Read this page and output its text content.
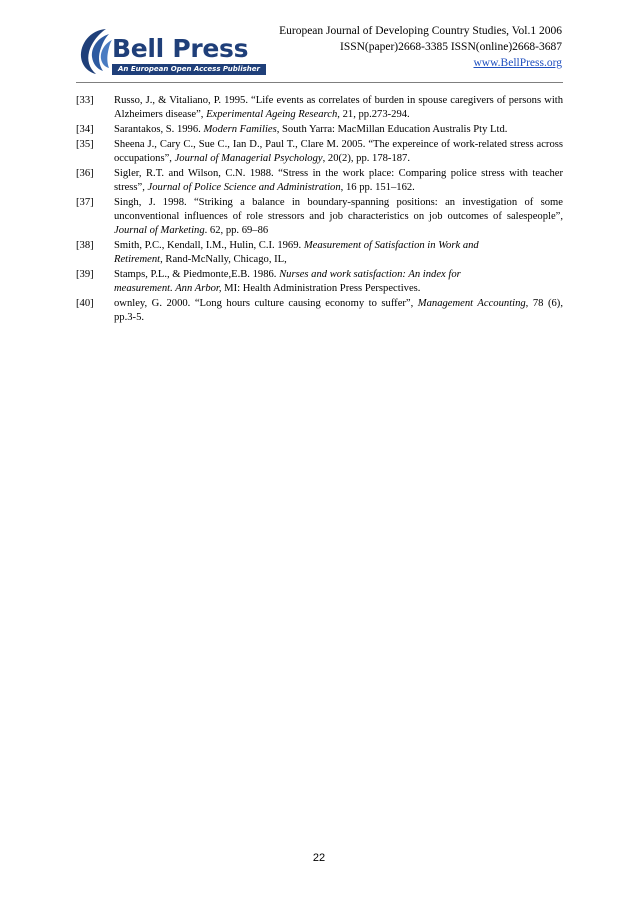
Bell Press
An European Open Access Publisher
European Journal of Developing Country Studies, Vol.1 2006
ISSN(paper)2668-3385 ISSN(online)2668-3687
www.BellPress.org
[33]	Russo, J., & Vitaliano, P. 1995. “Life events as correlates of burden in spouse caregivers of persons with Alzheimers disease”, Experimental Ageing Research, 21, pp.273-294.
[34]	Sarantakos, S. 1996. Modern Families, South Yarra: MacMillan Education Australis Pty Ltd.
[35]	Sheena J., Cary C., Sue C., Ian D., Paul T., Clare M. 2005. “The expereince of work-related stress across occupations”, Journal of Managerial Psychology, 20(2), pp. 178-187.
[36]	Sigler, R.T. and Wilson, C.N. 1988. “Stress in the work place: Comparing police stress with teacher stress”, Journal of Police Science and Administration, 16 pp. 151–162.
[37]	Singh, J. 1998. “Striking a balance in boundary-spanning positions: an investigation of some unconventional influences of role stressors and job characteristics on job outcomes of salespeople”, Journal of Marketing. 62, pp. 69–86
[38]	Smith, P.C., Kendall, I.M., Hulin, C.I. 1969. Measurement of Satisfaction in Work and
Retirement, Rand-McNally, Chicago, IL,
[39]	Stamps, P.L., & Piedmonte,E.B. 1986. Nurses and work satisfaction: An index for
measurement. Ann Arbor, MI: Health Administration Press Perspectives.
[40]	ownley, G. 2000. “Long hours culture causing economy to suffer”, Management Accounting, 78 (6), pp.3-5.
22
